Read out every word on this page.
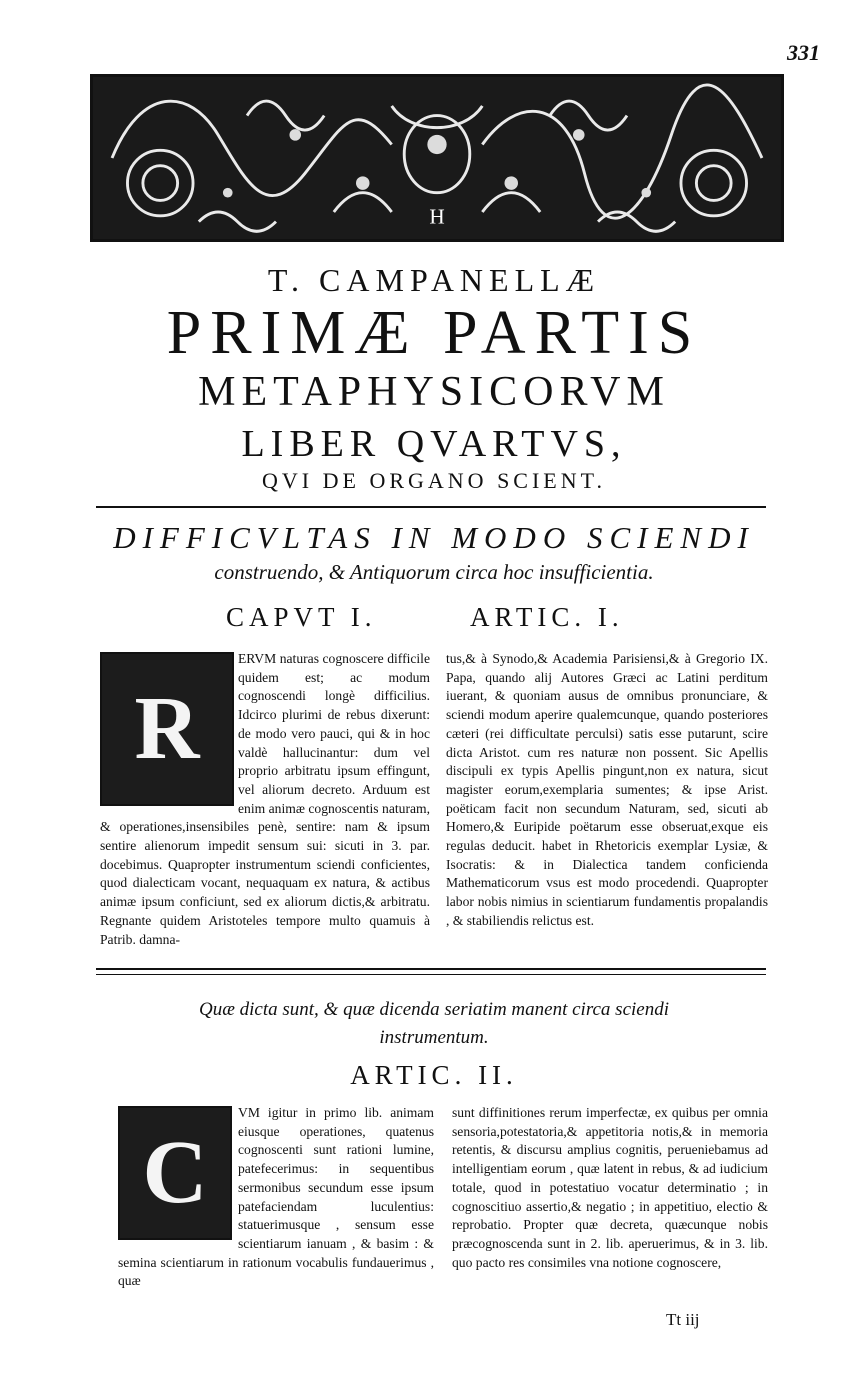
331
H
T. CAMPANELLÆ
PRIMÆ PARTIS
METAPHYSICORVM
LIBER QVARTVS,
QVI DE ORGANO SCIENT.
DIFFICVLTAS IN MODO SCIENDI
construendo, & Antiquorum circa hoc insufficientia.
CAPVT I.	ARTIC. I.
R

ERVM naturas cognoscere difficile quidem est; ac modum cognoscendi longè difficilius. Idcirco plurimi de rebus dixerunt: de modo vero pauci, qui & in hoc valdè hallucinantur: dum vel proprio arbitratu ipsum effingunt, vel aliorum decreto. Arduum est enim animæ cognoscentis naturam, & operationes,insensibiles penè, sentire: nam & ipsum sentire alienorum impedit sensum sui: sicuti in 3. par. docebimus. Quapropter instrumentum sciendi conficientes, quod dialecticam vocant, nequaquam ex natura, & actibus animæ ipsum conficiunt, sed ex aliorum dictis,& arbitratu. Regnante quidem Aristoteles tempore multo quamuis à Patrib. damna-

tus,& à Synodo,& Academia Parisiensi,& à Gregorio IX. Papa, quando alij Autores Græci ac Latini perditum iuerant, & quoniam ausus de omnibus pronunciare, & sciendi modum aperire qualemcunque, quando posteriores cæteri (rei difficultate perculsi) satis esse putarunt, scire dicta Aristot. cum res naturæ non possent. Sic Apellis discipuli ex typis Apellis pingunt,non ex natura, sicut magister eorum,exemplaria sumentes; & ipse Arist. poëticam facit non secundum Naturam, sed, sicuti ab Homero,& Euripide poëtarum esse obseruat,exque eis regulas deducit. habet in Rhetoricis exemplar Lysiæ, & Isocratis: & in Dialectica tandem conficienda Mathematicorum vsus est modo procedendi. Quapropter labor nobis nimius in scientiarum fundamentis propalandis , & stabiliendis relictus est.

Quæ dicta sunt, & quæ dicenda seriatim manent circa sciendi
instrumentum.
ARTIC. II.
C

VM igitur in primo lib. animam eiusque operationes, quatenus cognoscenti sunt rationi lumine, patefecerimus: in sequentibus sermonibus secundum esse ipsum patefaciendam luculentius: statuerimusque , sensum esse scientiarum ianuam , & basim : & semina scientiarum in rationum vocabulis fundauerimus , quæ

sunt diffinitiones rerum imperfectæ, ex quibus per omnia sensoria,potestatoria,& appetitoria notis,& in memoria retentis, & discursu amplius cognitis, perueniebamus ad intelligentiam eorum , quæ latent in rebus, & ad iudicium totale, quod in potestatiuo vocatur determinatio ; in cognoscitiuo assertio,& negatio ; in appetitiuo, electio & reprobatio. Propter quæ decreta, quæcunque nobis præcognoscenda sunt in 2. lib. aperuerimus, & in 3. lib. quo pacto res consimiles vna notione cognoscere,

Tt iij
